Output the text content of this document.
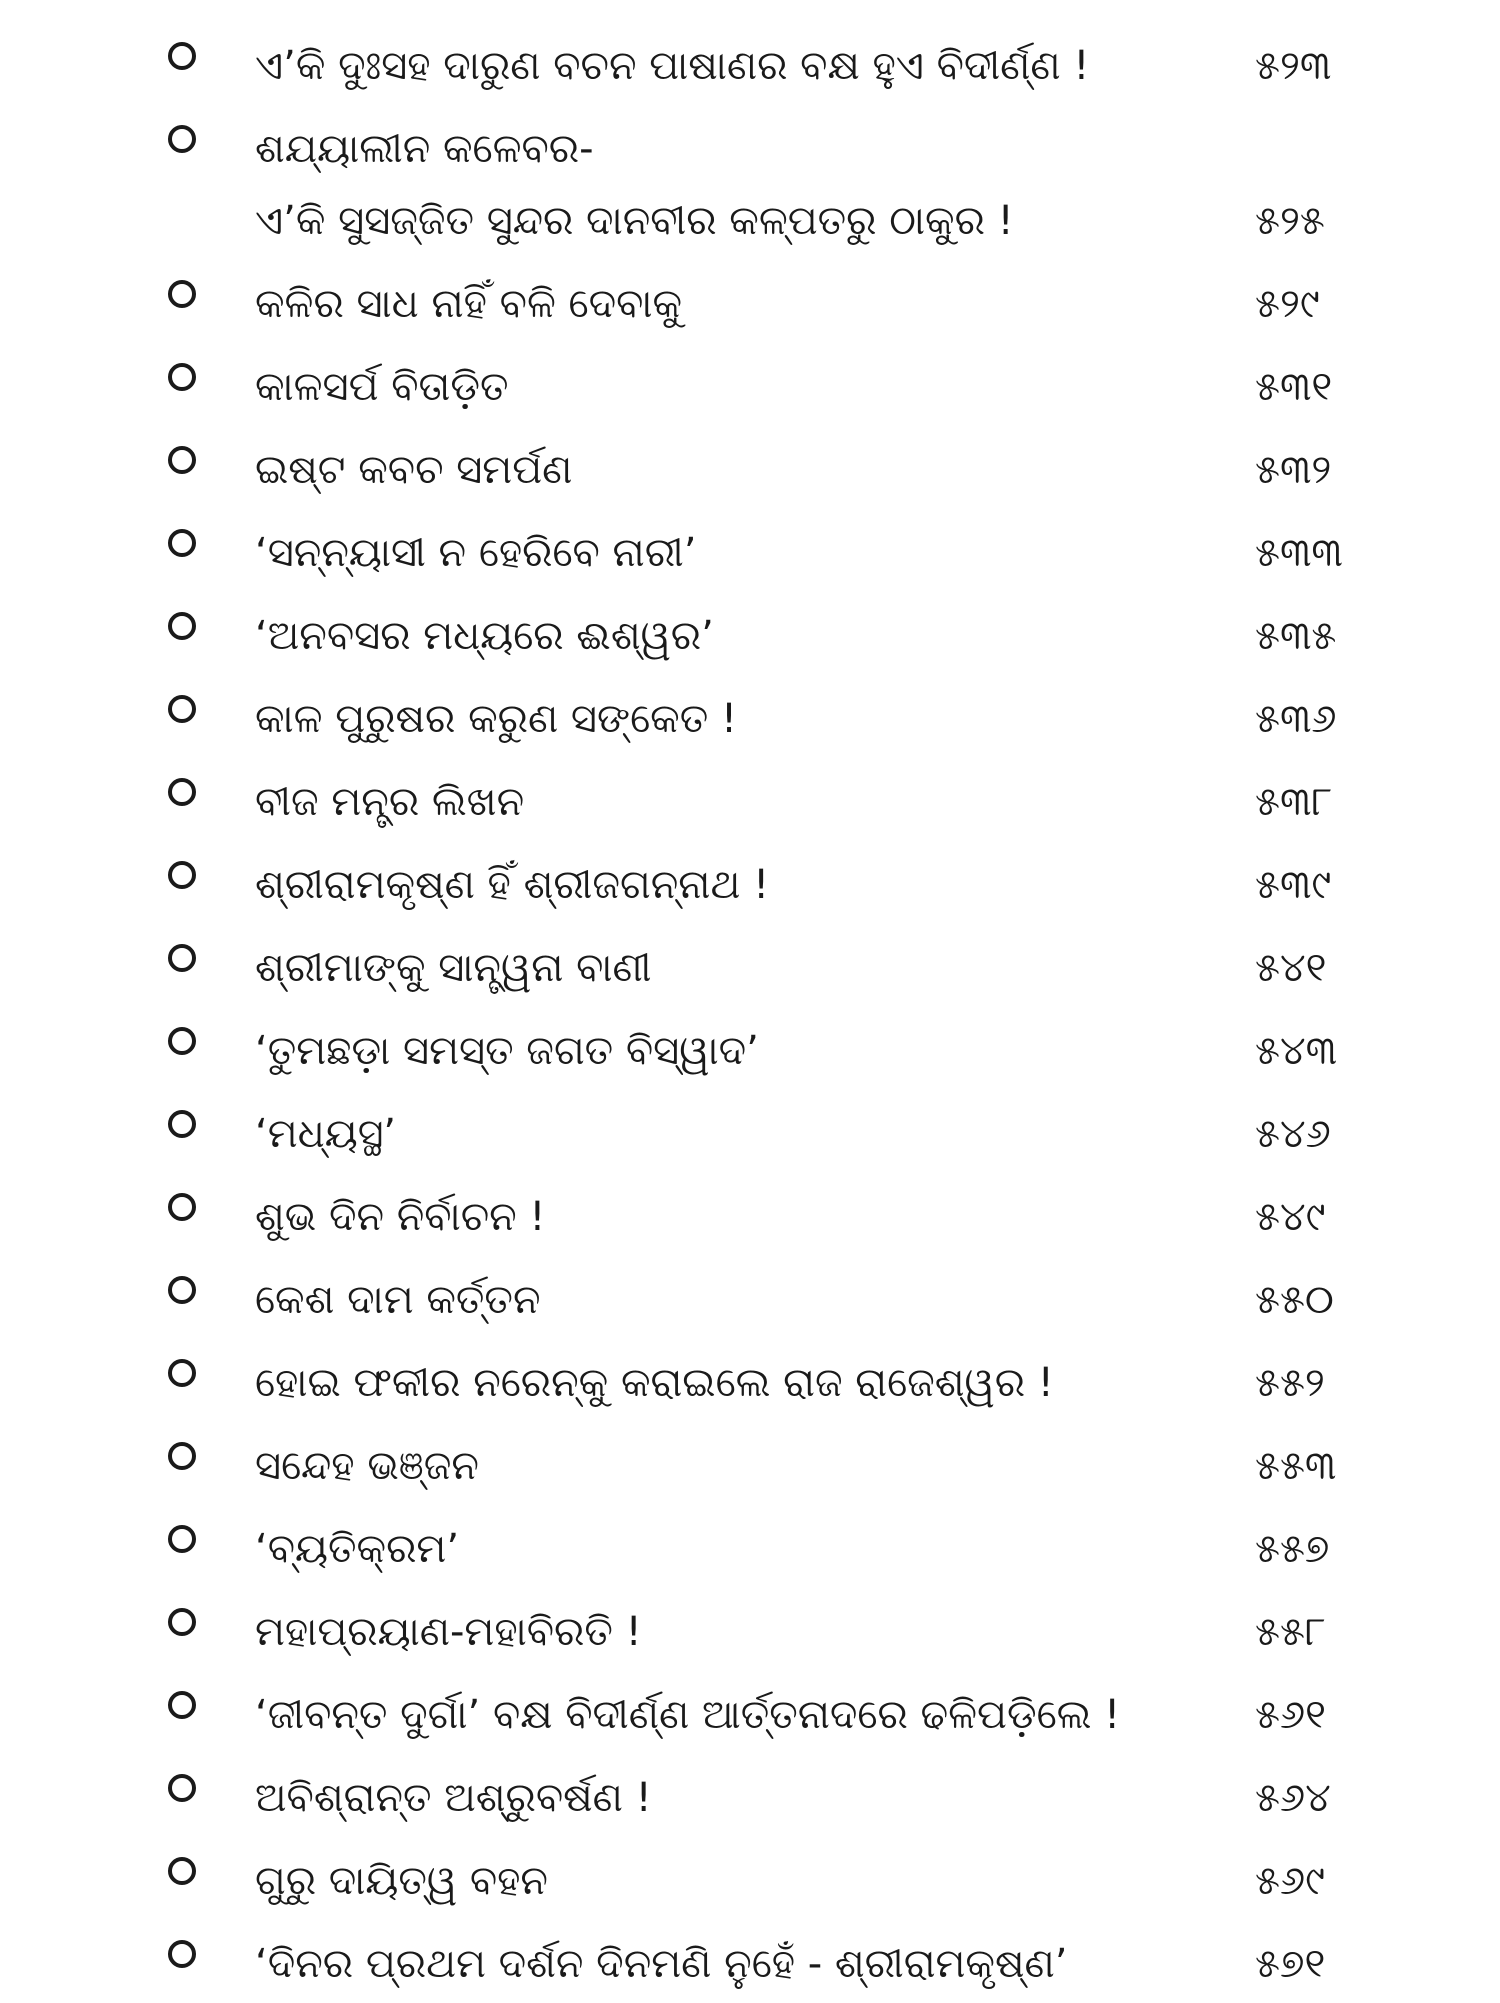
ଏ’କି ଦୁଃସହ ଦାରୁଣ ବଚନ ପାଷାଣର ବକ୍ଷ ହୁଏ ବିଦୀର୍ଣ୍ଣ !	୫୨୩
ଶଯ୍ୟାଲୀନ କଳେବର-
ଏ’କି ସୁସଜ୍ଜିତ ସୁନ୍ଦର ଦାନବୀର କଳ୍ପତରୁ ଠାକୁର !	୫୨୫
କଳିର ସାଧ ନାହିଁ ବଳି ଦେବାକୁ	୫୨୯
କାଳସର୍ପ ବିତାଡ଼ିତ	୫୩୧
ଇଷ୍ଟ କବଚ ସମର୍ପଣ	୫୩୨
‘ସନ୍ନ୍ୟାସୀ ନ ହେରିବେ ନାରୀ’	୫୩୩
‘ଅନବସର ମଧ୍ୟରେ ଈଶ୍ୱର’	୫୩୫
କାଳ ପୁରୁଷର କରୁଣ ସଙ୍କେତ !	୫୩୬
ବୀଜ ମନ୍ତ୍ର ଲିଖନ	୫୩୮
ଶ୍ରୀରାମକୃଷ୍ଣ ହିଁ ଶ୍ରୀଜଗନ୍ନାଥ !	୫୩୯
ଶ୍ରୀମାଙ୍କୁ ସାନ୍ତ୍ୱନା ବାଣୀ	୫୪୧
‘ତୁମଛଡ଼ା ସମସ୍ତ ଜଗତ ବିସ୍ୱାଦ’	୫୪୩
‘ମଧ୍ୟସ୍ଥ’	୫୪୬
ଶୁଭ ଦିନ ନିର୍ବାଚନ !	୫୪୯
କେଶ ଦାମ କର୍ତ୍ତନ	୫୫୦
ହୋଇ ଫକୀର ନରେନ୍‌କୁ କରାଇଲେ ରାଜ ରାଜେଶ୍ୱର !	୫୫୨
ସନ୍ଦେହ ଭଞ୍ଜନ	୫୫୩
‘ବ୍ୟତିକ୍ରମ’	୫୫୭
ମହାପ୍ରୟାଣ-ମହାବିରତି !	୫୫୮
‘ଜୀବନ୍ତ ଦୁର୍ଗା’ ବକ୍ଷ ବିଦୀର୍ଣ୍ଣ ଆର୍ତ୍ତନାଦରେ ଢଳିପଡ଼ିଲେ !	୫୬୧
ଅବିଶ୍ରାନ୍ତ ଅଶ୍ରୁବର୍ଷଣ !	୫୬୪
ଗୁରୁ ଦାୟିତ୍ୱ ବହନ	୫୬୯
‘ଦିନର ପ୍ରଥମ ଦର୍ଶନ ଦିନମଣି ନୁହେଁ - ଶ୍ରୀରାମକୃଷ୍ଣ’	୫୭୧
